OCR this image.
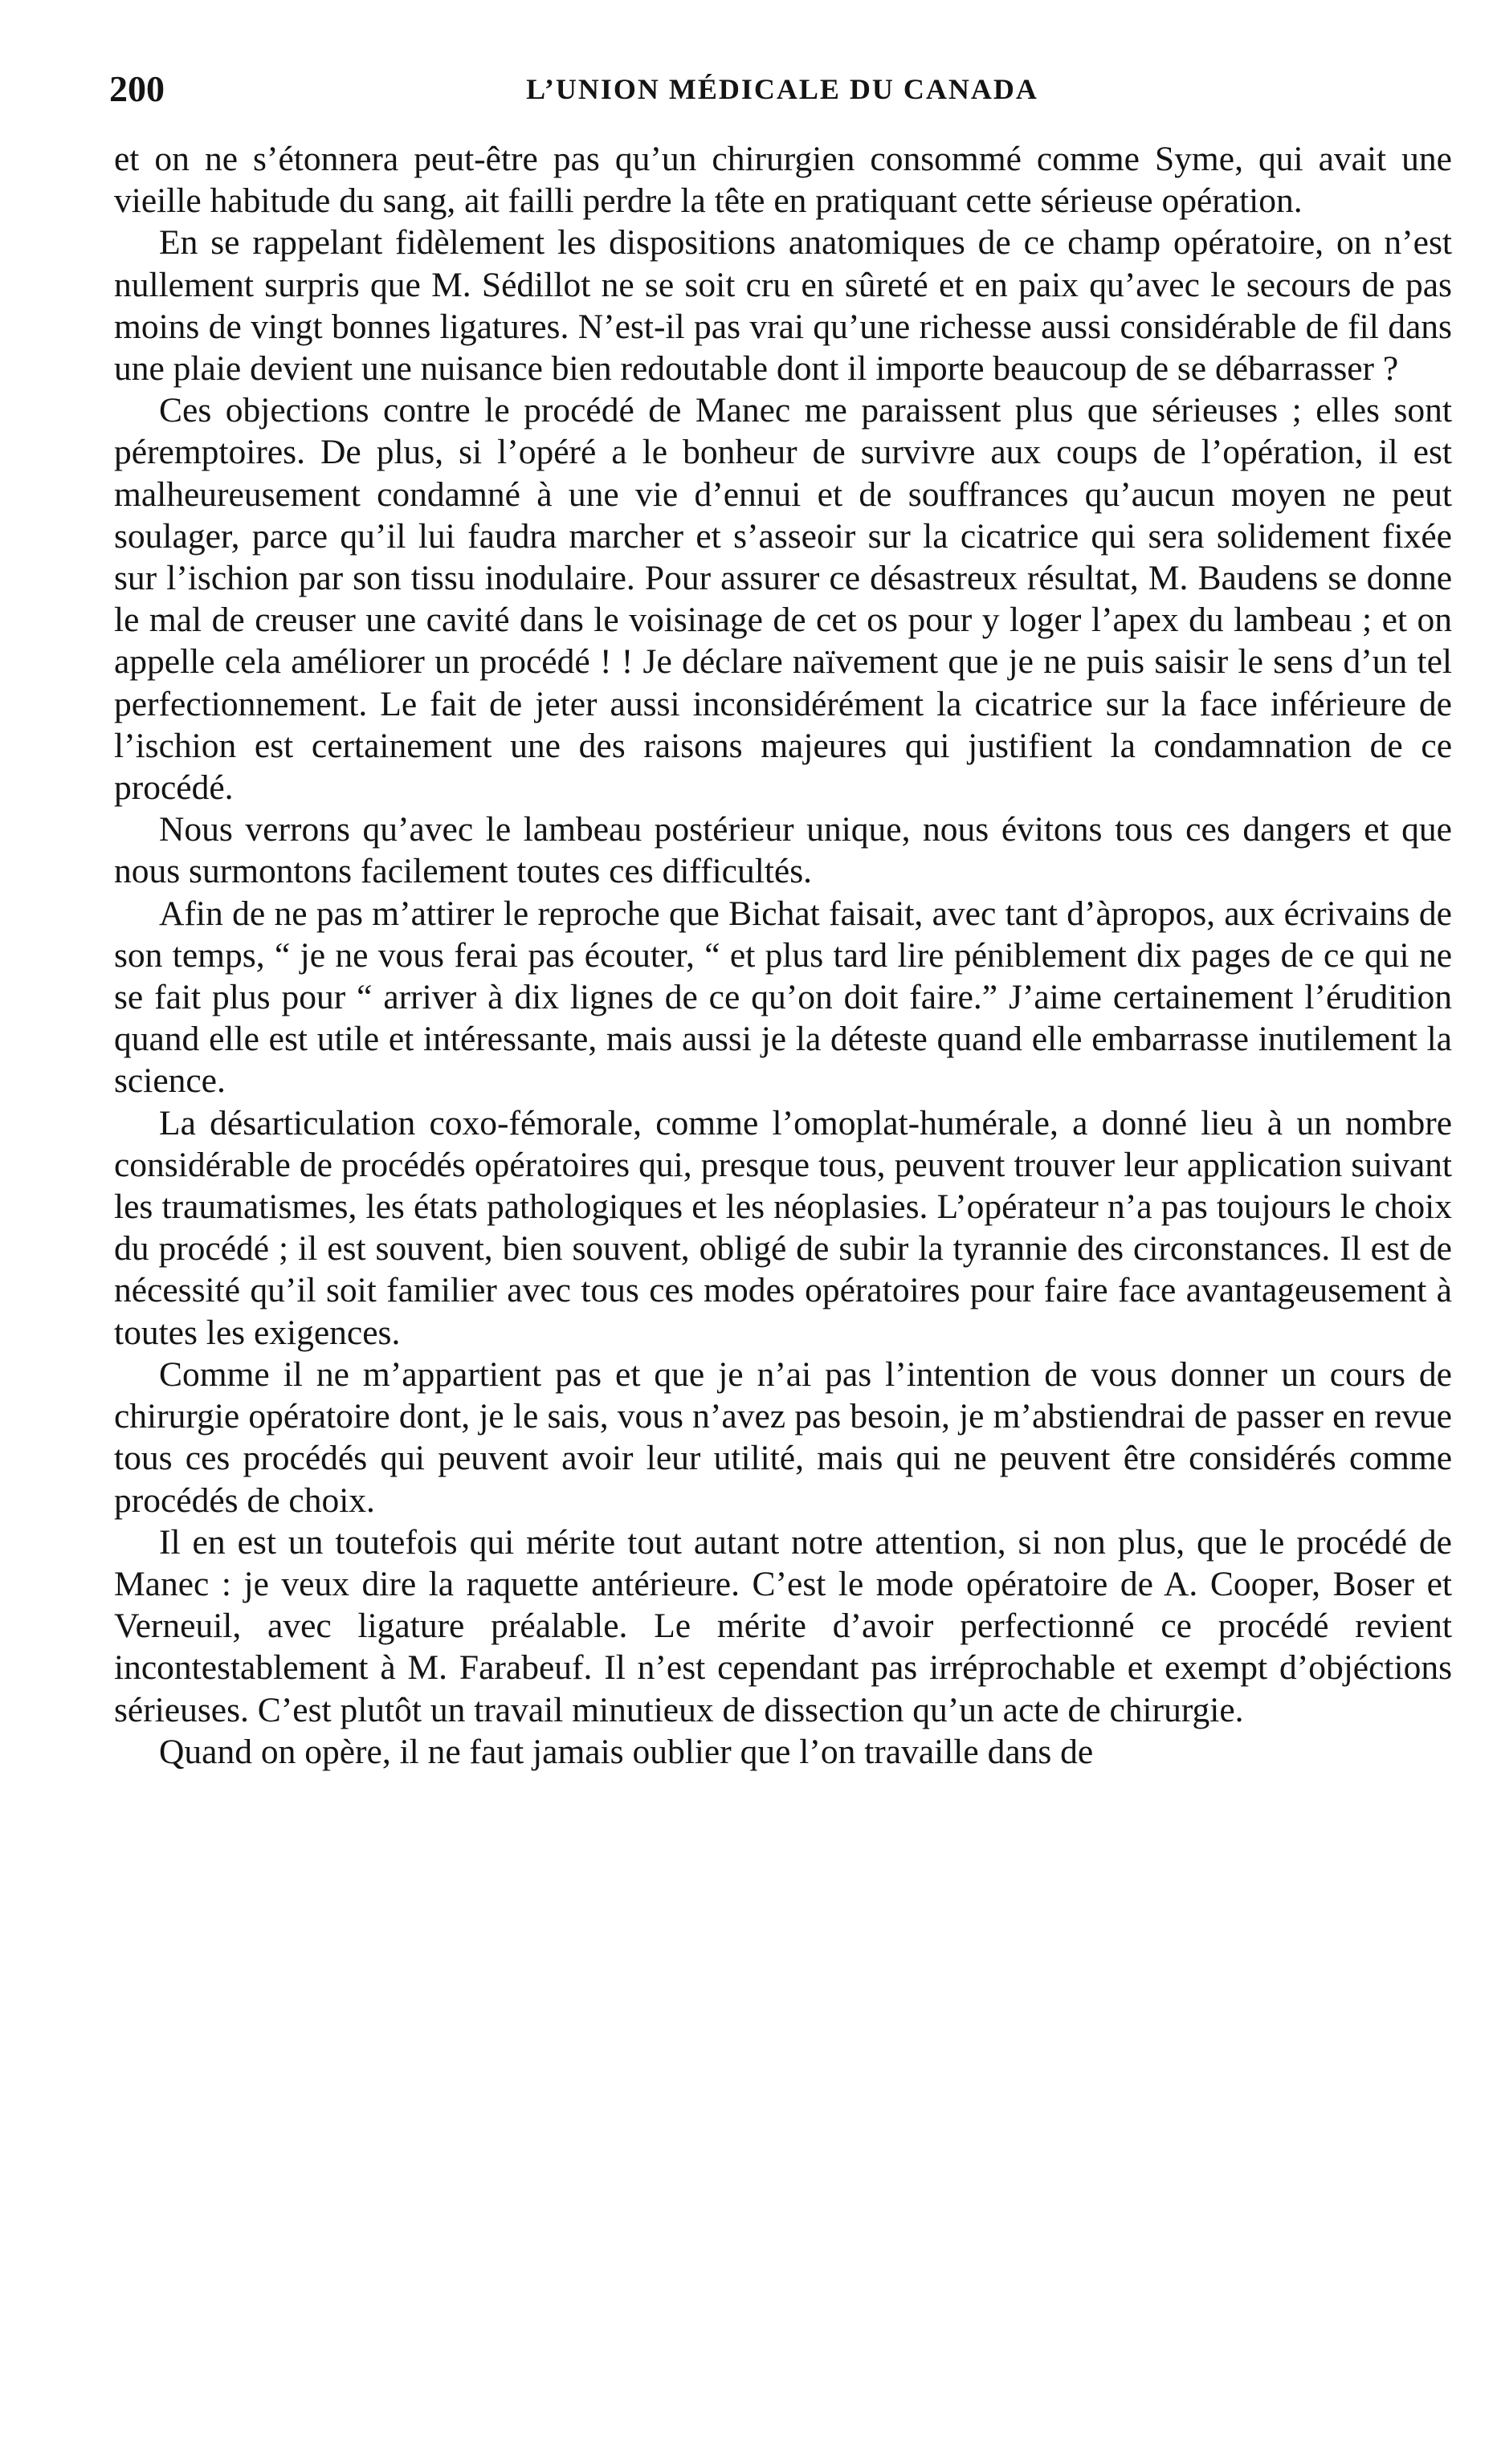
200	L’UNION MÉDICALE DU CANADA

et on ne s’étonnera peut-être pas qu’un chirurgien consommé comme Syme, qui avait une vieille habitude du sang, ait failli perdre la tête en pratiquant cette sérieuse opération.

En se rappelant fidèlement les dispositions anatomiques de ce champ opératoire, on n’est nullement surpris que M. Sédillot ne se soit cru en sûreté et en paix qu’avec le secours de pas moins de vingt bonnes ligatures. N’est-il pas vrai qu’une richesse aussi considérable de fil dans une plaie devient une nuisance bien redoutable dont il importe beaucoup de se débarrasser ?

Ces objections contre le procédé de Manec me paraissent plus que sérieuses ; elles sont péremptoires. De plus, si l’opéré a le bonheur de survivre aux coups de l’opération, il est malheureusement condamné à une vie d’ennui et de souffrances qu’aucun moyen ne peut soulager, parce qu’il lui faudra marcher et s’asseoir sur la cicatrice qui sera solidement fixée sur l’ischion par son tissu inodulaire. Pour assurer ce désastreux résultat, M. Baudens se donne le mal de creuser une cavité dans le voisinage de cet os pour y loger l’apex du lambeau ; et on appelle cela améliorer un procédé ! ! Je déclare naïvement que je ne puis saisir le sens d’un tel perfectionnement. Le fait de jeter aussi inconsidérément la cicatrice sur la face inférieure de l’ischion est certainement une des raisons majeures qui justifient la condamnation de ce procédé.

Nous verrons qu’avec le lambeau postérieur unique, nous évitons tous ces dangers et que nous surmontons facilement toutes ces difficultés.

Afin de ne pas m’attirer le reproche que Bichat faisait, avec tant d’àpropos, aux écrivains de son temps, “ je ne vous ferai pas écouter, “ et plus tard lire péniblement dix pages de ce qui ne se fait plus pour “ arriver à dix lignes de ce qu’on doit faire.” J’aime certainement l’érudition quand elle est utile et intéressante, mais aussi je la déteste quand elle embarrasse inutilement la science.

La désarticulation coxo-fémorale, comme l’omoplat-humérale, a donné lieu à un nombre considérable de procédés opératoires qui, presque tous, peuvent trouver leur application suivant les traumatismes, les états pathologiques et les néoplasies. L’opérateur n’a pas toujours le choix du procédé ; il est souvent, bien souvent, obligé de subir la tyrannie des circonstances. Il est de nécessité qu’il soit familier avec tous ces modes opératoires pour faire face avantageusement à toutes les exigences.

Comme il ne m’appartient pas et que je n’ai pas l’intention de vous donner un cours de chirurgie opératoire dont, je le sais, vous n’avez pas besoin, je m’abstiendrai de passer en revue tous ces procédés qui peuvent avoir leur utilité, mais qui ne peuvent être considérés comme procédés de choix.

Il en est un toutefois qui mérite tout autant notre attention, si non plus, que le procédé de Manec : je veux dire la raquette antérieure. C’est le mode opératoire de A. Cooper, Boser et Verneuil, avec ligature préalable. Le mérite d’avoir perfectionné ce procédé revient incontestablement à M. Farabeuf. Il n’est cependant pas irréprochable et exempt d’objéctions sérieuses. C’est plutôt un travail minutieux de dissection qu’un acte de chirurgie.

Quand on opère, il ne faut jamais oublier que l’on travaille dans de
